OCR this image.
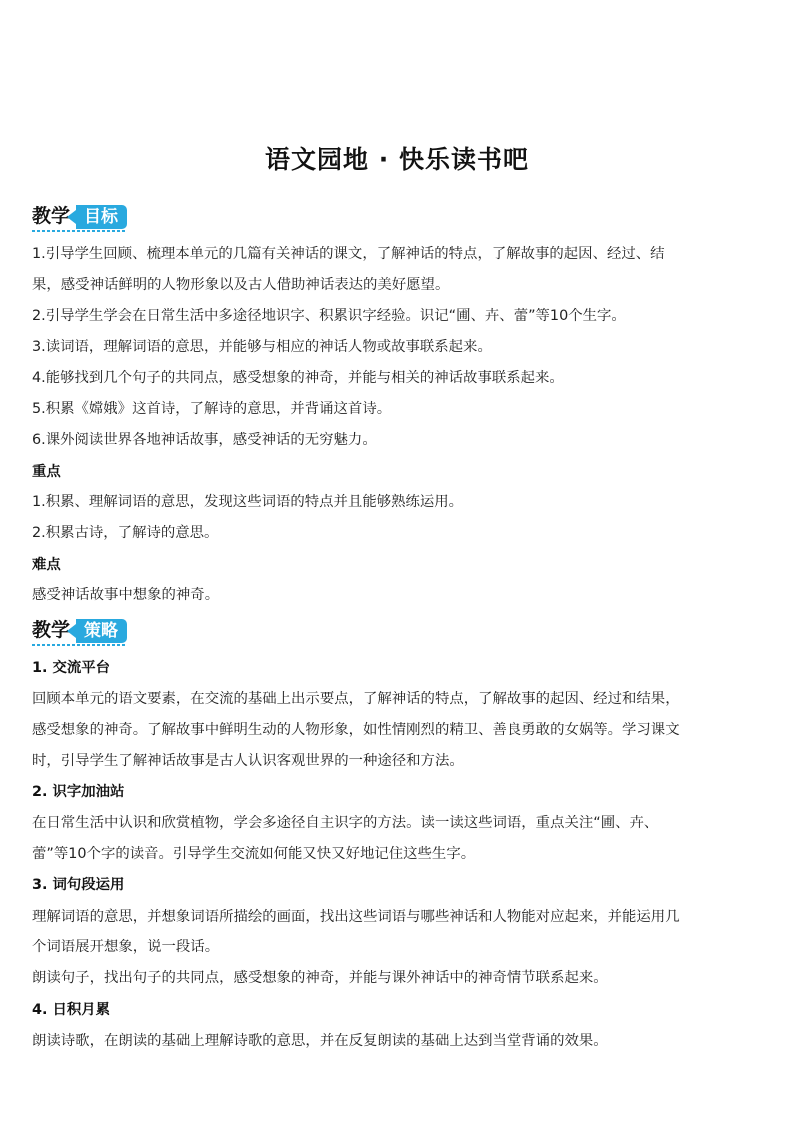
语文园地 · 快乐读书吧
教学 目标
1.引导学生回顾、梳理本单元的几篇有关神话的课文，了解神话的特点，了解故事的起因、经过、结
果，感受神话鲜明的人物形象以及古人借助神话表达的美好愿望。
2.引导学生学会在日常生活中多途径地识字、积累识字经验。识记“圃、卉、蕾”等10个生字。
3.读词语，理解词语的意思，并能够与相应的神话人物或故事联系起来。
4.能够找到几个句子的共同点，感受想象的神奇，并能与相关的神话故事联系起来。
5.积累《嫦娥》这首诗，了解诗的意思，并背诵这首诗。
6.课外阅读世界各地神话故事，感受神话的无穷魅力。
重点
1.积累、理解词语的意思，发现这些词语的特点并且能够熟练运用。
2.积累古诗，了解诗的意思。
难点
感受神话故事中想象的神奇。
教学 策略
1. 交流平台
回顾本单元的语文要素，在交流的基础上出示要点，了解神话的特点，了解故事的起因、经过和结果，
感受想象的神奇。了解故事中鲜明生动的人物形象，如性情刚烈的精卫、善良勇敢的女娲等。学习课文
时，引导学生了解神话故事是古人认识客观世界的一种途径和方法。
2. 识字加油站
在日常生活中认识和欣赏植物，学会多途径自主识字的方法。读一读这些词语，重点关注“圃、卉、
蕾”等10个字的读音。引导学生交流如何能又快又好地记住这些生字。
3. 词句段运用
理解词语的意思，并想象词语所描绘的画面，找出这些词语与哪些神话和人物能对应起来，并能运用几
个词语展开想象，说一段话。
朗读句子，找出句子的共同点，感受想象的神奇，并能与课外神话中的神奇情节联系起来。
4. 日积月累
朗读诗歌，在朗读的基础上理解诗歌的意思，并在反复朗读的基础上达到当堂背诵的效果。
